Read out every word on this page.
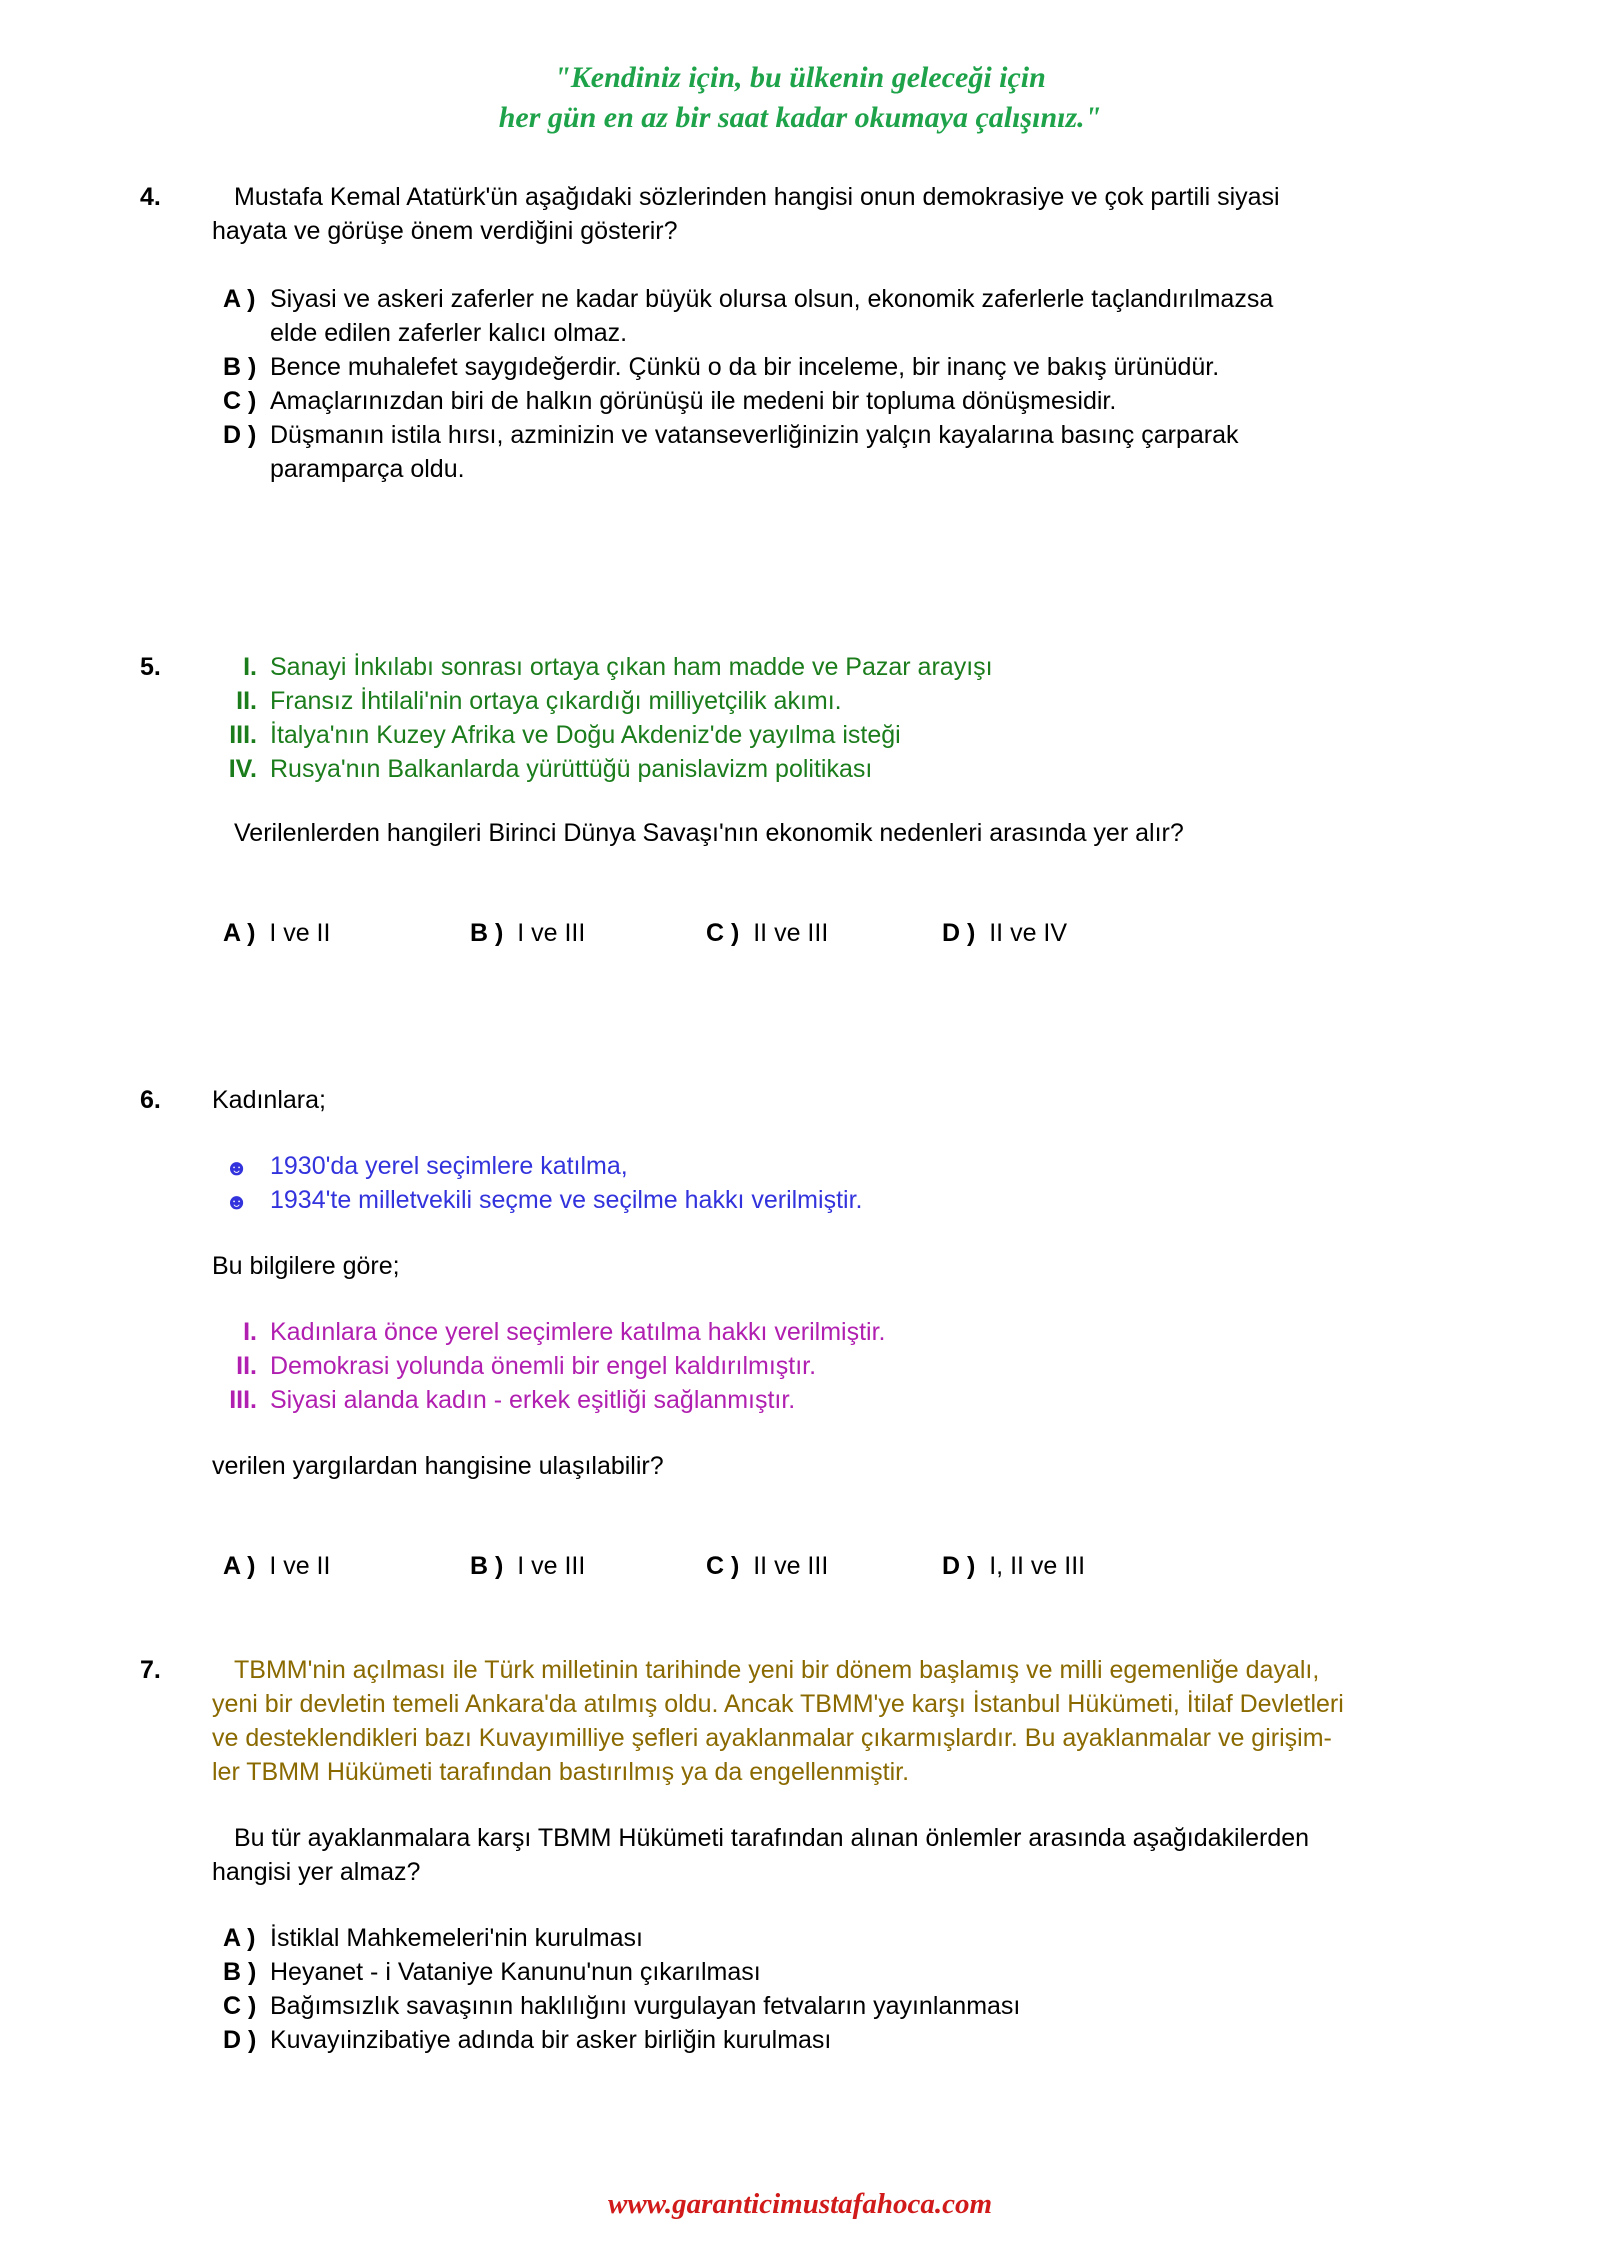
"Kendiniz için, bu ülkenin geleceği için
her gün en az bir saat kadar okumaya çalışınız."
4.	Mustafa Kemal Atatürk'ün aşağıdaki sözlerinden hangisi onun demokrasiye ve çok partili siyasi
hayata ve görüşe önem verdiğini gösterir?
A ) Siyasi ve askeri zaferler ne kadar büyük olursa olsun, ekonomik zaferlerle taçlandırılmazsa
elde edilen zaferler kalıcı olmaz.
B ) Bence muhalefet saygıdeğerdir. Çünkü o da bir inceleme, bir inanç ve bakış ürünüdür.
C ) Amaçlarınızdan biri de halkın görünüşü ile medeni bir topluma dönüşmesidir.
D ) Düşmanın istila hırsı, azminizin ve vatanseverliğinizin yalçın kayalarına basınç çarparak
paramparça oldu.
5.	I. Sanayi İnkılabı sonrası ortaya çıkan ham madde ve Pazar arayışı
II. Fransız İhtilali'nin ortaya çıkardığı milliyetçilik akımı.
III. İtalya'nın Kuzey Afrika ve Doğu Akdeniz'de yayılma isteği
IV. Rusya'nın Balkanlarda yürüttüğü panislavizm politikası
Verilenlerden hangileri Birinci Dünya Savaşı'nın ekonomik nedenleri arasında yer alır?
A ) I ve II	B ) I ve III	C ) II ve III	D ) II ve IV
6. Kadınlara;
☻ 1930'da yerel seçimlere katılma,
☻ 1934'te milletvekili seçme ve seçilme hakkı verilmiştir.
Bu bilgilere göre;
I. Kadınlara önce yerel seçimlere katılma hakkı verilmiştir.
II. Demokrasi yolunda önemli bir engel kaldırılmıştır.
III. Siyasi alanda kadın - erkek eşitliği sağlanmıştır.
verilen yargılardan hangisine ulaşılabilir?
A ) I ve II	B ) I ve III	C ) II ve III	D ) I, II ve III
7.	TBMM'nin açılması ile Türk milletinin tarihinde yeni bir dönem başlamış ve milli egemenliğe dayalı,
yeni bir devletin temeli Ankara'da atılmış oldu. Ancak TBMM'ye karşı İstanbul Hükümeti, İtilaf Devletleri
ve desteklendikleri bazı Kuvayımilliye şefleri ayaklanmalar çıkarmışlardır. Bu ayaklanmalar ve girişim-
ler TBMM Hükümeti tarafından bastırılmış ya da engellenmiştir.
Bu tür ayaklanmalara karşı TBMM Hükümeti tarafından alınan önlemler arasında aşağıdakilerden
hangisi yer almaz?
A ) İstiklal Mahkemeleri'nin kurulması
B ) Heyanet - i Vataniye Kanunu'nun çıkarılması
C ) Bağımsızlık savaşının haklılığını vurgulayan fetvaların yayınlanması
D ) Kuvayıinzibatiye adında bir asker birliğin kurulması
www.garanticimustafahoca.com
